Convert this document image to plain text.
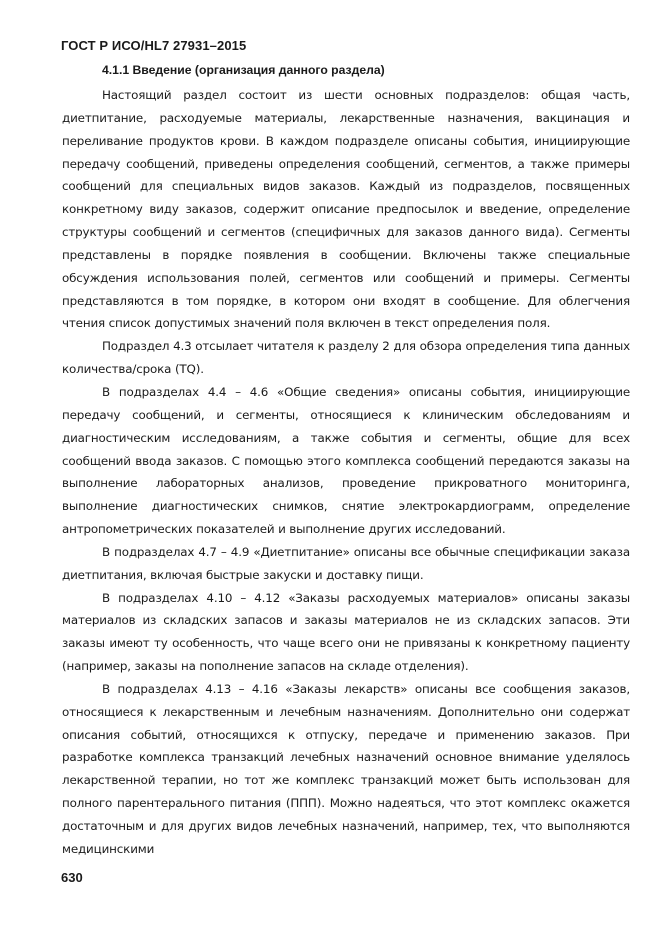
ГОСТ Р ИСО/HL7 27931–2015
4.1.1 Введение (организация данного раздела)

Настоящий раздел состоит из шести основных подразделов: общая часть, диетпитание, расходуемые материалы, лекарственные назначения, вакцинация и переливание продуктов крови. В каждом подразделе описаны события, инициирующие передачу сообщений, приведены определения сообщений, сегментов, а также примеры сообщений для специальных видов заказов. Каждый из подразделов, посвященных конкретному виду заказов, содержит описание предпосылок и введение, определение структуры сообщений и сегментов (специфичных для заказов данного вида). Сегменты представлены в порядке появления в сообщении. Включены также специальные обсуждения использования полей, сегментов или сообщений и примеры. Сегменты представляются в том порядке, в котором они входят в сообщение. Для облегчения чтения список допустимых значений поля включен в текст определения поля.

Подраздел 4.3 отсылает читателя к разделу 2 для обзора определения типа данных количества/срока (TQ).

В подразделах 4.4 – 4.6 «Общие сведения» описаны события, инициирующие передачу сообщений, и сегменты, относящиеся к клиническим обследованиям и диагностическим исследованиям, а также события и сегменты, общие для всех сообщений ввода заказов. С помощью этого комплекса сообщений передаются заказы на выполнение лабораторных анализов, проведение прикроватного мониторинга, выполнение диагностических снимков, снятие электрокардиограмм, определение антропометрических показателей и выполнение других исследований.

В подразделах 4.7 – 4.9 «Диетпитание» описаны все обычные спецификации заказа диетпитания, включая быстрые закуски и доставку пищи.

В подразделах 4.10 – 4.12 «Заказы расходуемых материалов» описаны заказы материалов из складских запасов и заказы материалов не из складских запасов. Эти заказы имеют ту особенность, что чаще всего они не привязаны к конкретному пациенту (например, заказы на пополнение запасов на складе отделения).

В подразделах 4.13 – 4.16 «Заказы лекарств» описаны все сообщения заказов, относящиеся к лекарственным и лечебным назначениям. Дополнительно они содержат описания событий, относящихся к отпуску, передаче и применению заказов. При разработке комплекса транзакций лечебных назначений основное внимание уделялось лекарственной терапии, но тот же комплекс транзакций может быть использован для полного парентерального питания (ППП). Можно надеяться, что этот комплекс окажется достаточным и для других видов лечебных назначений, например, тех, что выполняются медицинскими

630
